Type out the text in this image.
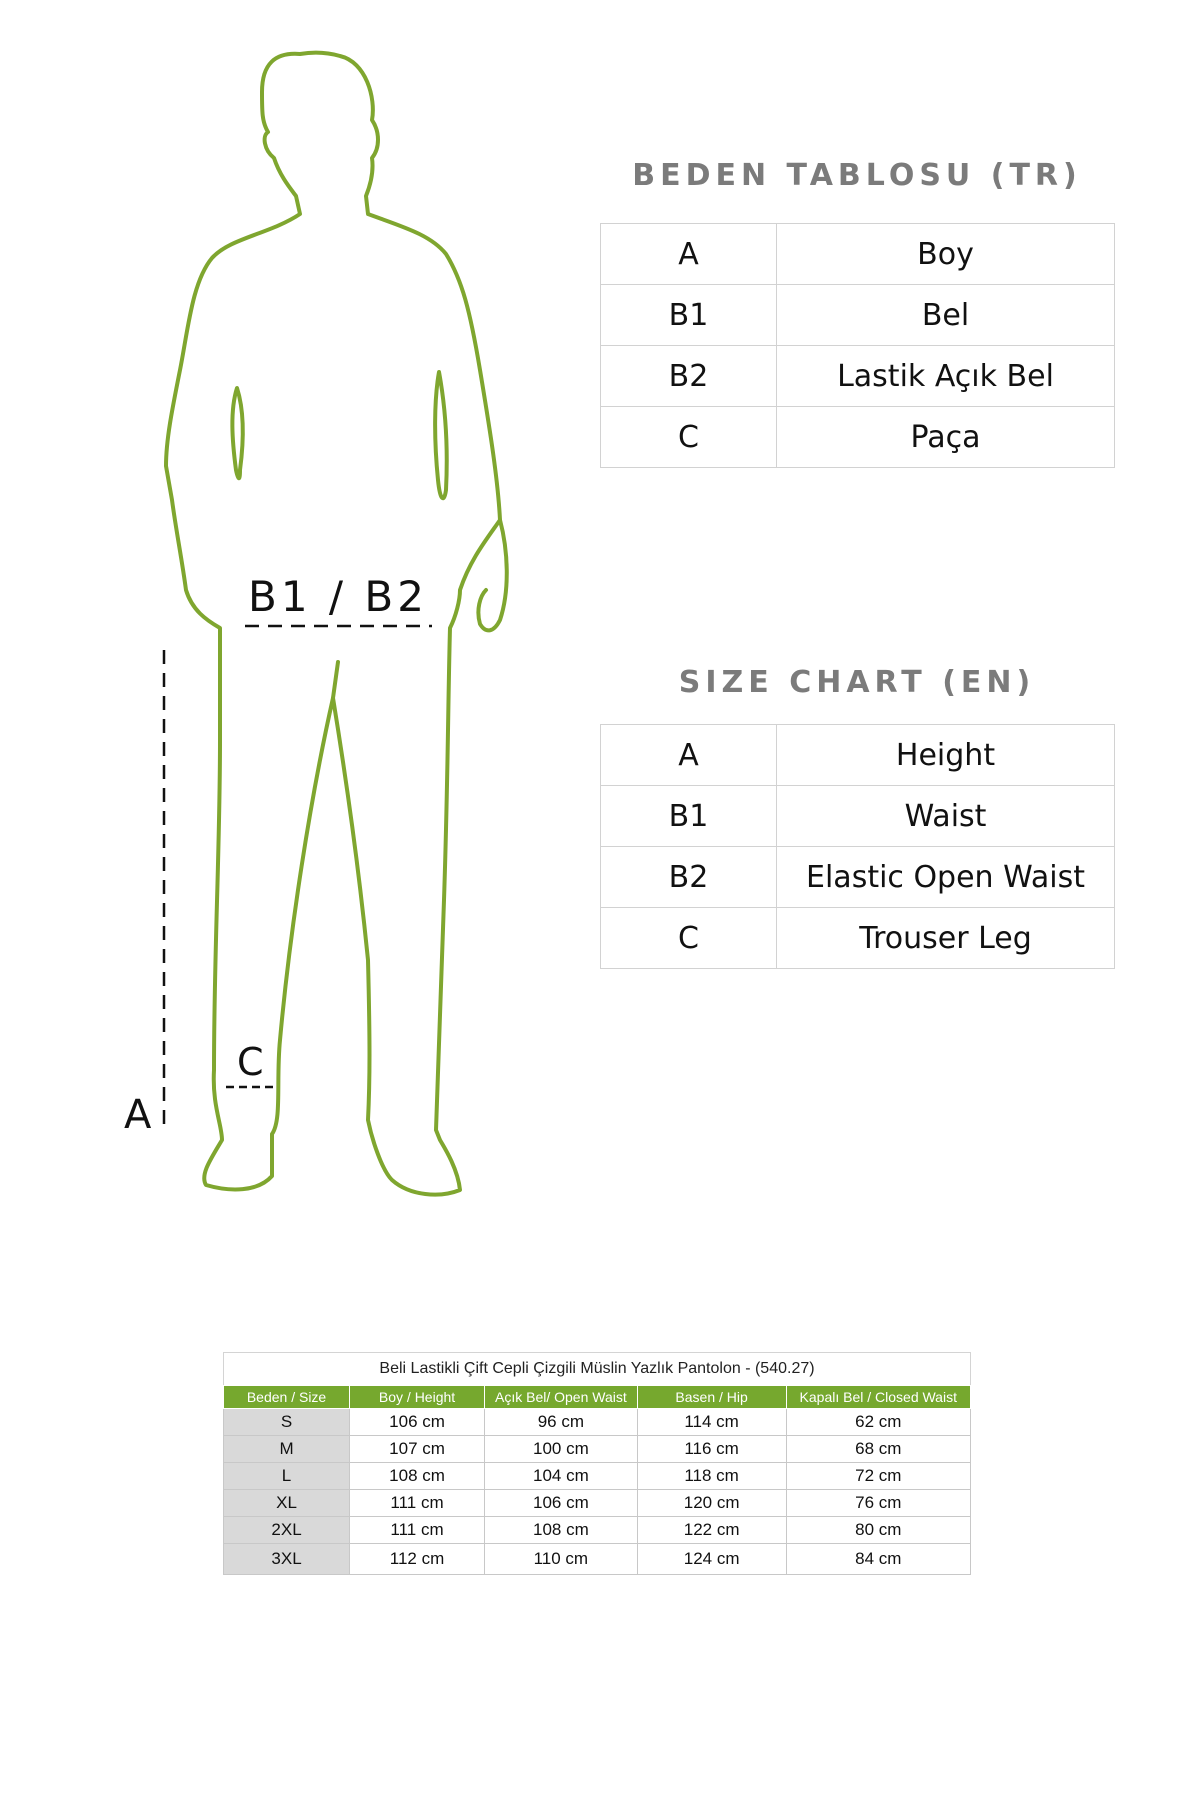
B1 / B2
C
A
BEDEN TABLOSU (TR)
A	Boy
B1	Bel
B2	Lastik Açık Bel
C	Paça
SIZE CHART (EN)
A	Height
B1	Waist
B2	Elastic Open Waist
C	Trouser Leg
Beli Lastikli Çift Cepli Çizgili Müslin Yazlık Pantolon - (540.27)
Beden / Size	Boy / Height	Açık Bel/ Open Waist	Basen / Hip	Kapalı Bel / Closed Waist
S	106 cm	96 cm	114 cm	62 cm
M	107 cm	100 cm	116 cm	68 cm
L	108 cm	104 cm	118 cm	72 cm
XL	111 cm	106 cm	120 cm	76 cm
2XL	111 cm	108 cm	122 cm	80 cm
3XL	112 cm	110 cm	124 cm	84 cm
